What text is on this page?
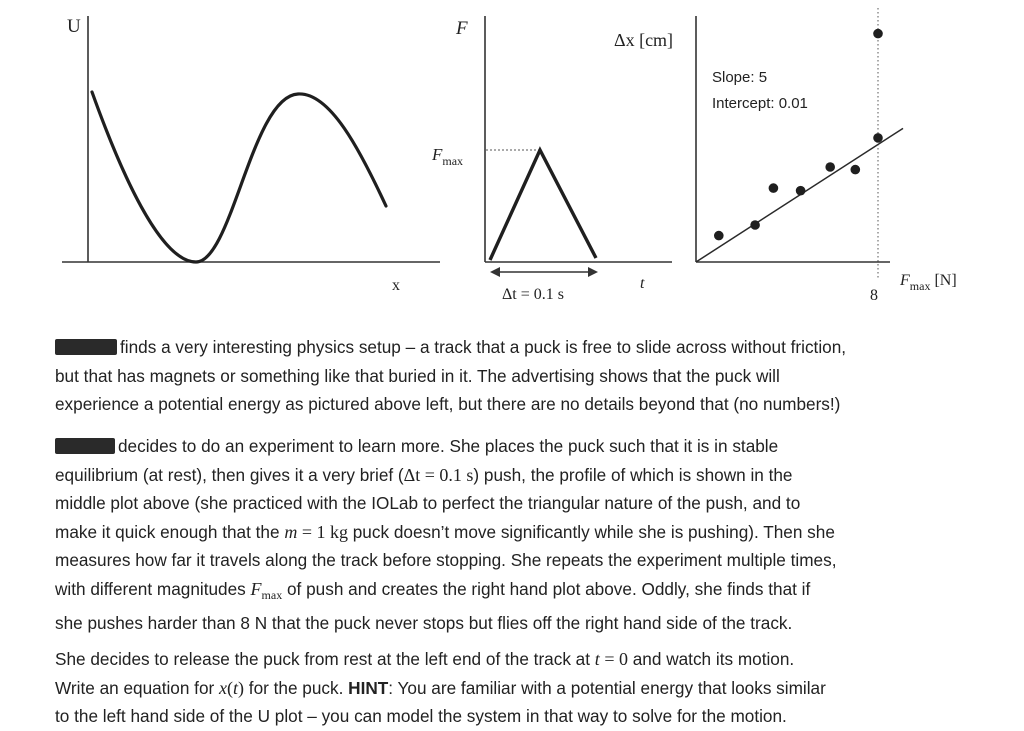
U
x
F
$F_{max}$
Δt = 0.1 s
t
Δx [cm]
Slope: 5
Intercept: 0.01
8
$F_{max}$ [N]
finds a very interesting physics setup – a track that a puck is free to slide across without friction,
but that has magnets or something like that buried in it. The advertising shows that the puck will
experience a potential energy as pictured above left, but there are no details beyond that (no numbers!)
decides to do an experiment to learn more. She places the puck such that it is in stable
equilibrium (at rest), then gives it a very brief (Δt = 0.1 s) push, the profile of which is shown in the
middle plot above (she practiced with the IOLab to perfect the triangular nature of the push, and to
make it quick enough that the m = 1 kg puck doesn’t move significantly while she is pushing). Then she
measures how far it travels along the track before stopping. She repeats the experiment multiple times,
with different magnitudes $F_{max}$ of push and creates the right hand plot above. Oddly, she finds that if
she pushes harder than 8 N that the puck never stops but flies off the right hand side of the track.
She decides to release the puck from rest at the left end of the track at t = 0 and watch its motion.
Write an equation for x(t) for the puck. HINT: You are familiar with a potential energy that looks similar
to the left hand side of the U plot – you can model the system in that way to solve for the motion.
